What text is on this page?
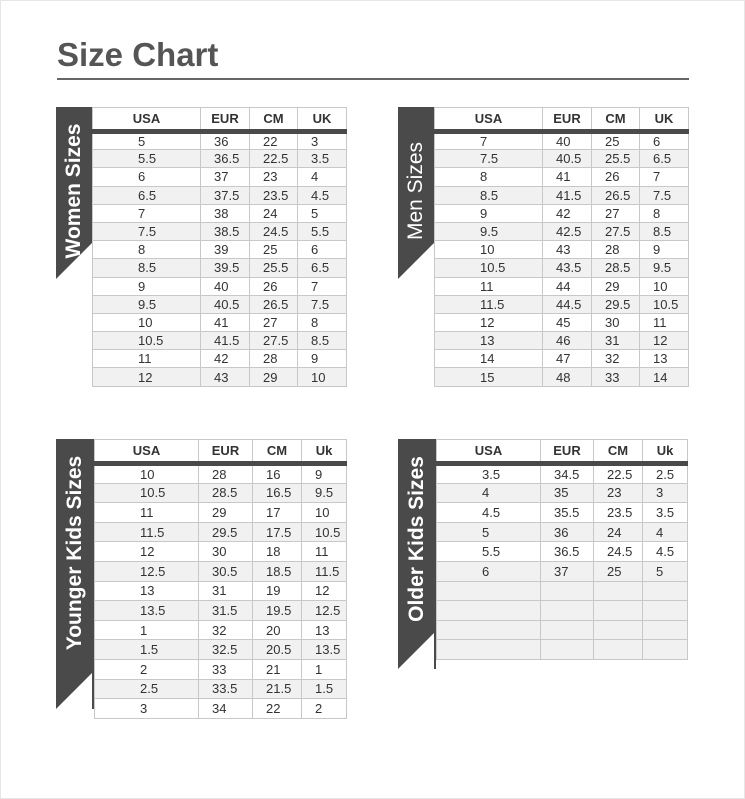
Size Chart
Women Sizes
USA	EUR	CM	UK
5	36	22	3
5.5	36.5	22.5	3.5
6	37	23	4
6.5	37.5	23.5	4.5
7	38	24	5
7.5	38.5	24.5	5.5
8	39	25	6
8.5	39.5	25.5	6.5
9	40	26	7
9.5	40.5	26.5	7.5
10	41	27	8
10.5	41.5	27.5	8.5
11	42	28	9
12	43	29	10
Men Sizes
USA	EUR	CM	UK
7	40	25	6
7.5	40.5	25.5	6.5
8	41	26	7
8.5	41.5	26.5	7.5
9	42	27	8
9.5	42.5	27.5	8.5
10	43	28	9
10.5	43.5	28.5	9.5
11	44	29	10
11.5	44.5	29.5	10.5
12	45	30	11
13	46	31	12
14	47	32	13
15	48	33	14
Younger Kids Sizes
USA	EUR	CM	Uk
10	28	16	9
10.5	28.5	16.5	9.5
11	29	17	10
11.5	29.5	17.5	10.5
12	30	18	11
12.5	30.5	18.5	11.5
13	31	19	12
13.5	31.5	19.5	12.5
1	32	20	13
1.5	32.5	20.5	13.5
2	33	21	1
2.5	33.5	21.5	1.5
3	34	22	2
Older Kids Sizes
USA	EUR	CM	Uk
3.5	34.5	22.5	2.5
4	35	23	3
4.5	35.5	23.5	3.5
5	36	24	4
5.5	36.5	24.5	4.5
6	37	25	5
